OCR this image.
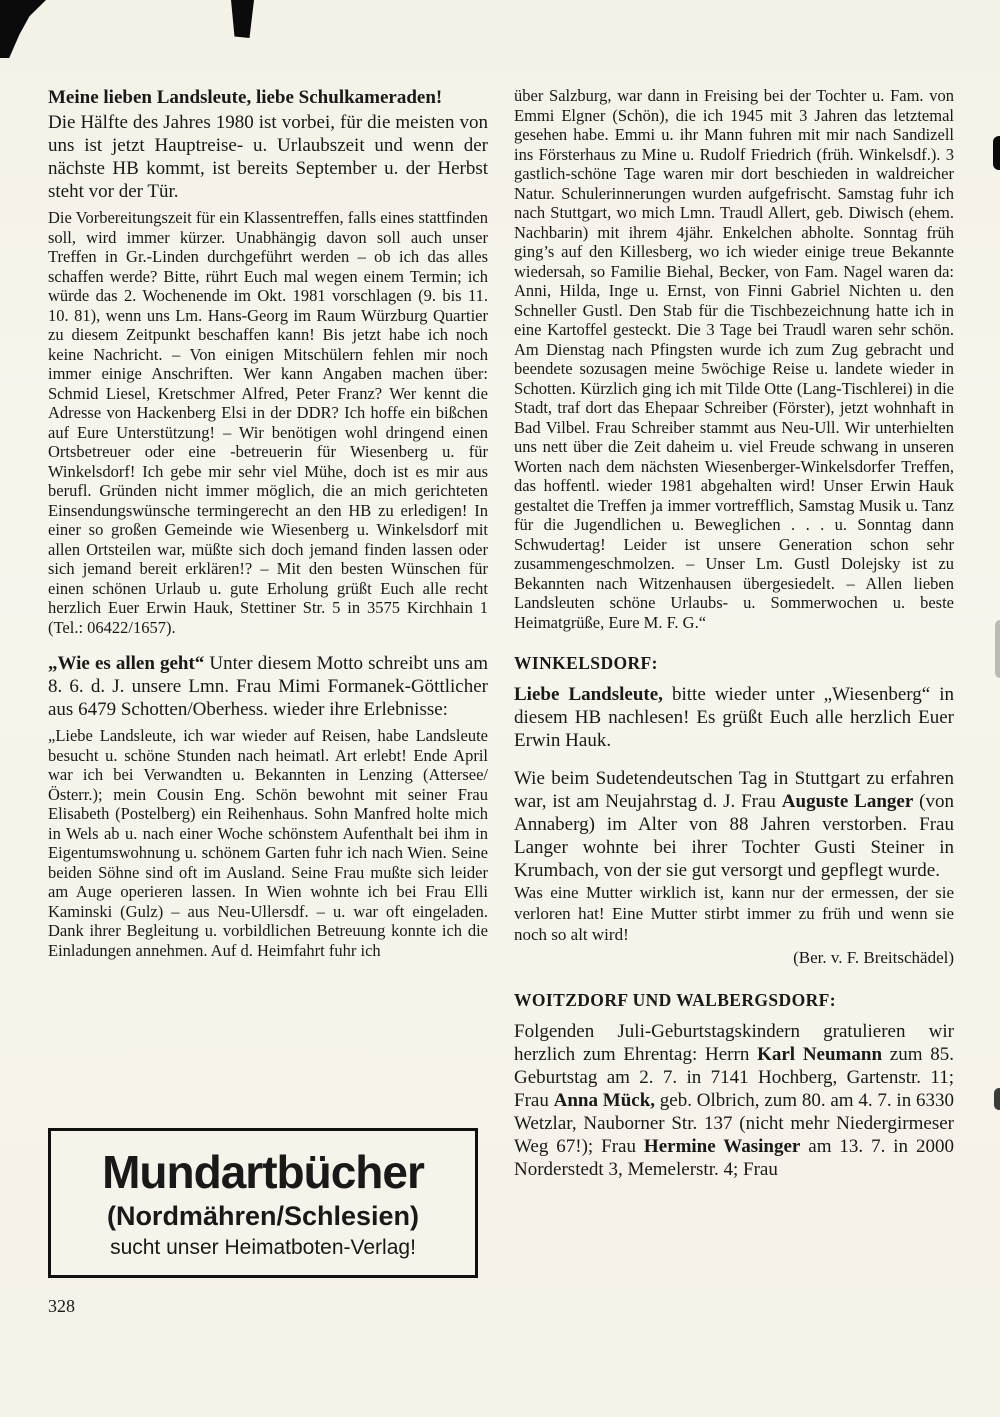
Meine lieben Landsleute, liebe Schulkameraden!

Die Hälfte des Jahres 1980 ist vorbei, für die meisten von uns ist jetzt Hauptreise- u. Urlaubszeit und wenn der nächste HB kommt, ist bereits September u. der Herbst steht vor der Tür.

Die Vorbereitungszeit für ein Klassentreffen, falls eines stattfinden soll, wird immer kürzer. Unabhängig davon soll auch unser Treffen in Gr.-Linden durchgeführt werden – ob ich das alles schaffen werde? Bitte, rührt Euch mal wegen einem Termin; ich würde das 2. Wochenende im Okt. 1981 vorschlagen (9. bis 11. 10. 81), wenn uns Lm. Hans-Georg im Raum Würzburg Quartier zu diesem Zeitpunkt beschaffen kann! Bis jetzt habe ich noch keine Nachricht. – Von einigen Mitschülern fehlen mir noch immer einige Anschriften. Wer kann Angaben machen über: Schmid Liesel, Kretschmer Alfred, Peter Franz? Wer kennt die Adresse von Hackenberg Elsi in der DDR? Ich hoffe ein bißchen auf Eure Unterstützung! – Wir benötigen wohl dringend einen Ortsbetreuer oder eine -betreuerin für Wiesenberg u. für Winkelsdorf! Ich gebe mir sehr viel Mühe, doch ist es mir aus berufl. Gründen nicht immer möglich, die an mich gerichteten Einsendungswünsche termingerecht an den HB zu erledigen! In einer so großen Gemeinde wie Wiesenberg u. Winkelsdorf mit allen Ortsteilen war, müßte sich doch jemand finden lassen oder sich jemand bereit erklären!? – Mit den besten Wünschen für einen schönen Urlaub u. gute Erholung grüßt Euch alle recht herzlich Euer Erwin Hauk, Stettiner Str. 5 in 3575 Kirchhain 1 (Tel.: 06422/1657).

„Wie es allen geht“ Unter diesem Motto schreibt uns am 8. 6. d. J. unsere Lmn. Frau Mimi Formanek-Göttlicher aus 6479 Schotten/Oberhess. wieder ihre Erlebnisse:

„Liebe Landsleute, ich war wieder auf Reisen, habe Landsleute besucht u. schöne Stunden nach heimatl. Art erlebt! Ende April war ich bei Verwandten u. Bekannten in Lenzing (Attersee/Österr.); mein Cousin Eng. Schön bewohnt mit seiner Frau Elisabeth (Postelberg) ein Reihenhaus. Sohn Manfred holte mich in Wels ab u. nach einer Woche schönstem Aufenthalt bei ihm in Eigentumswohnung u. schönem Garten fuhr ich nach Wien. Seine beiden Söhne sind oft im Ausland. Seine Frau mußte sich leider am Auge operieren lassen. In Wien wohnte ich bei Frau Elli Kaminski (Gulz) – aus Neu-Ullersdf. – u. war oft eingeladen. Dank ihrer Begleitung u. vorbildlichen Betreuung konnte ich die Einladungen annehmen. Auf d. Heimfahrt fuhr ich

über Salzburg, war dann in Freising bei der Tochter u. Fam. von Emmi Elgner (Schön), die ich 1945 mit 3 Jahren das letztemal gesehen habe. Emmi u. ihr Mann fuhren mit mir nach Sandizell ins Försterhaus zu Mine u. Rudolf Friedrich (früh. Winkelsdf.). 3 gastlich-schöne Tage waren mir dort beschieden in waldreicher Natur. Schulerinnerungen wurden aufgefrischt. Samstag fuhr ich nach Stuttgart, wo mich Lmn. Traudl Allert, geb. Diwisch (ehem. Nachbarin) mit ihrem 4jähr. Enkelchen abholte. Sonntag früh ging’s auf den Killesberg, wo ich wieder einige treue Bekannte wiedersah, so Familie Biehal, Becker, von Fam. Nagel waren da: Anni, Hilda, Inge u. Ernst, von Finni Gabriel Nichten u. den Schneller Gustl. Den Stab für die Tischbezeichnung hatte ich in eine Kartoffel gesteckt. Die 3 Tage bei Traudl waren sehr schön. Am Dienstag nach Pfingsten wurde ich zum Zug gebracht und beendete sozusagen meine 5wöchige Reise u. landete wieder in Schotten. Kürzlich ging ich mit Tilde Otte (Lang-Tischlerei) in die Stadt, traf dort das Ehepaar Schreiber (Förster), jetzt wohnhaft in Bad Vilbel. Frau Schreiber stammt aus Neu-Ull. Wir unterhielten uns nett über die Zeit daheim u. viel Freude schwang in unseren Worten nach dem nächsten Wiesenberger-Winkelsdorfer Treffen, das hoffentl. wieder 1981 abgehalten wird! Unser Erwin Hauk gestaltet die Treffen ja immer vortrefflich, Samstag Musik u. Tanz für die Jugendlichen u. Beweglichen . . . u. Sonntag dann Schwudertag! Leider ist unsere Generation schon sehr zusammengeschmolzen. – Unser Lm. Gustl Dolejsky ist zu Bekannten nach Witzenhausen übergesiedelt. – Allen lieben Landsleuten schöne Urlaubs- u. Sommerwochen u. beste Heimatgrüße, Eure M. F. G.“

WINKELSDORF:

Liebe Landsleute, bitte wieder unter „Wiesenberg“ in diesem HB nachlesen! Es grüßt Euch alle herzlich Euer Erwin Hauk.

Wie beim Sudetendeutschen Tag in Stuttgart zu erfahren war, ist am Neujahrstag d. J. Frau Auguste Langer (von Annaberg) im Alter von 88 Jahren verstorben. Frau Langer wohnte bei ihrer Tochter Gusti Steiner in Krumbach, von der sie gut versorgt und gepflegt wurde.

Was eine Mutter wirklich ist, kann nur der ermessen, der sie verloren hat! Eine Mutter stirbt immer zu früh und wenn sie noch so alt wird!

(Ber. v. F. Breitschädel)
WOITZDORF UND WALBERGSDORF:

Folgenden Juli-Geburtstagskindern gratulieren wir herzlich zum Ehrentag: Herrn Karl Neumann zum 85. Geburtstag am 2. 7. in 7141 Hochberg, Gartenstr. 11; Frau Anna Mück, geb. Olbrich, zum 80. am 4. 7. in 6330 Wetzlar, Nauborner Str. 137 (nicht mehr Niedergirmeser Weg 67!); Frau Hermine Wasinger am 13. 7. in 2000 Norderstedt 3, Memelerstr. 4; Frau

Mundartbücher
(Nordmähren/Schlesien)
sucht unser Heimatboten-Verlag!
328
